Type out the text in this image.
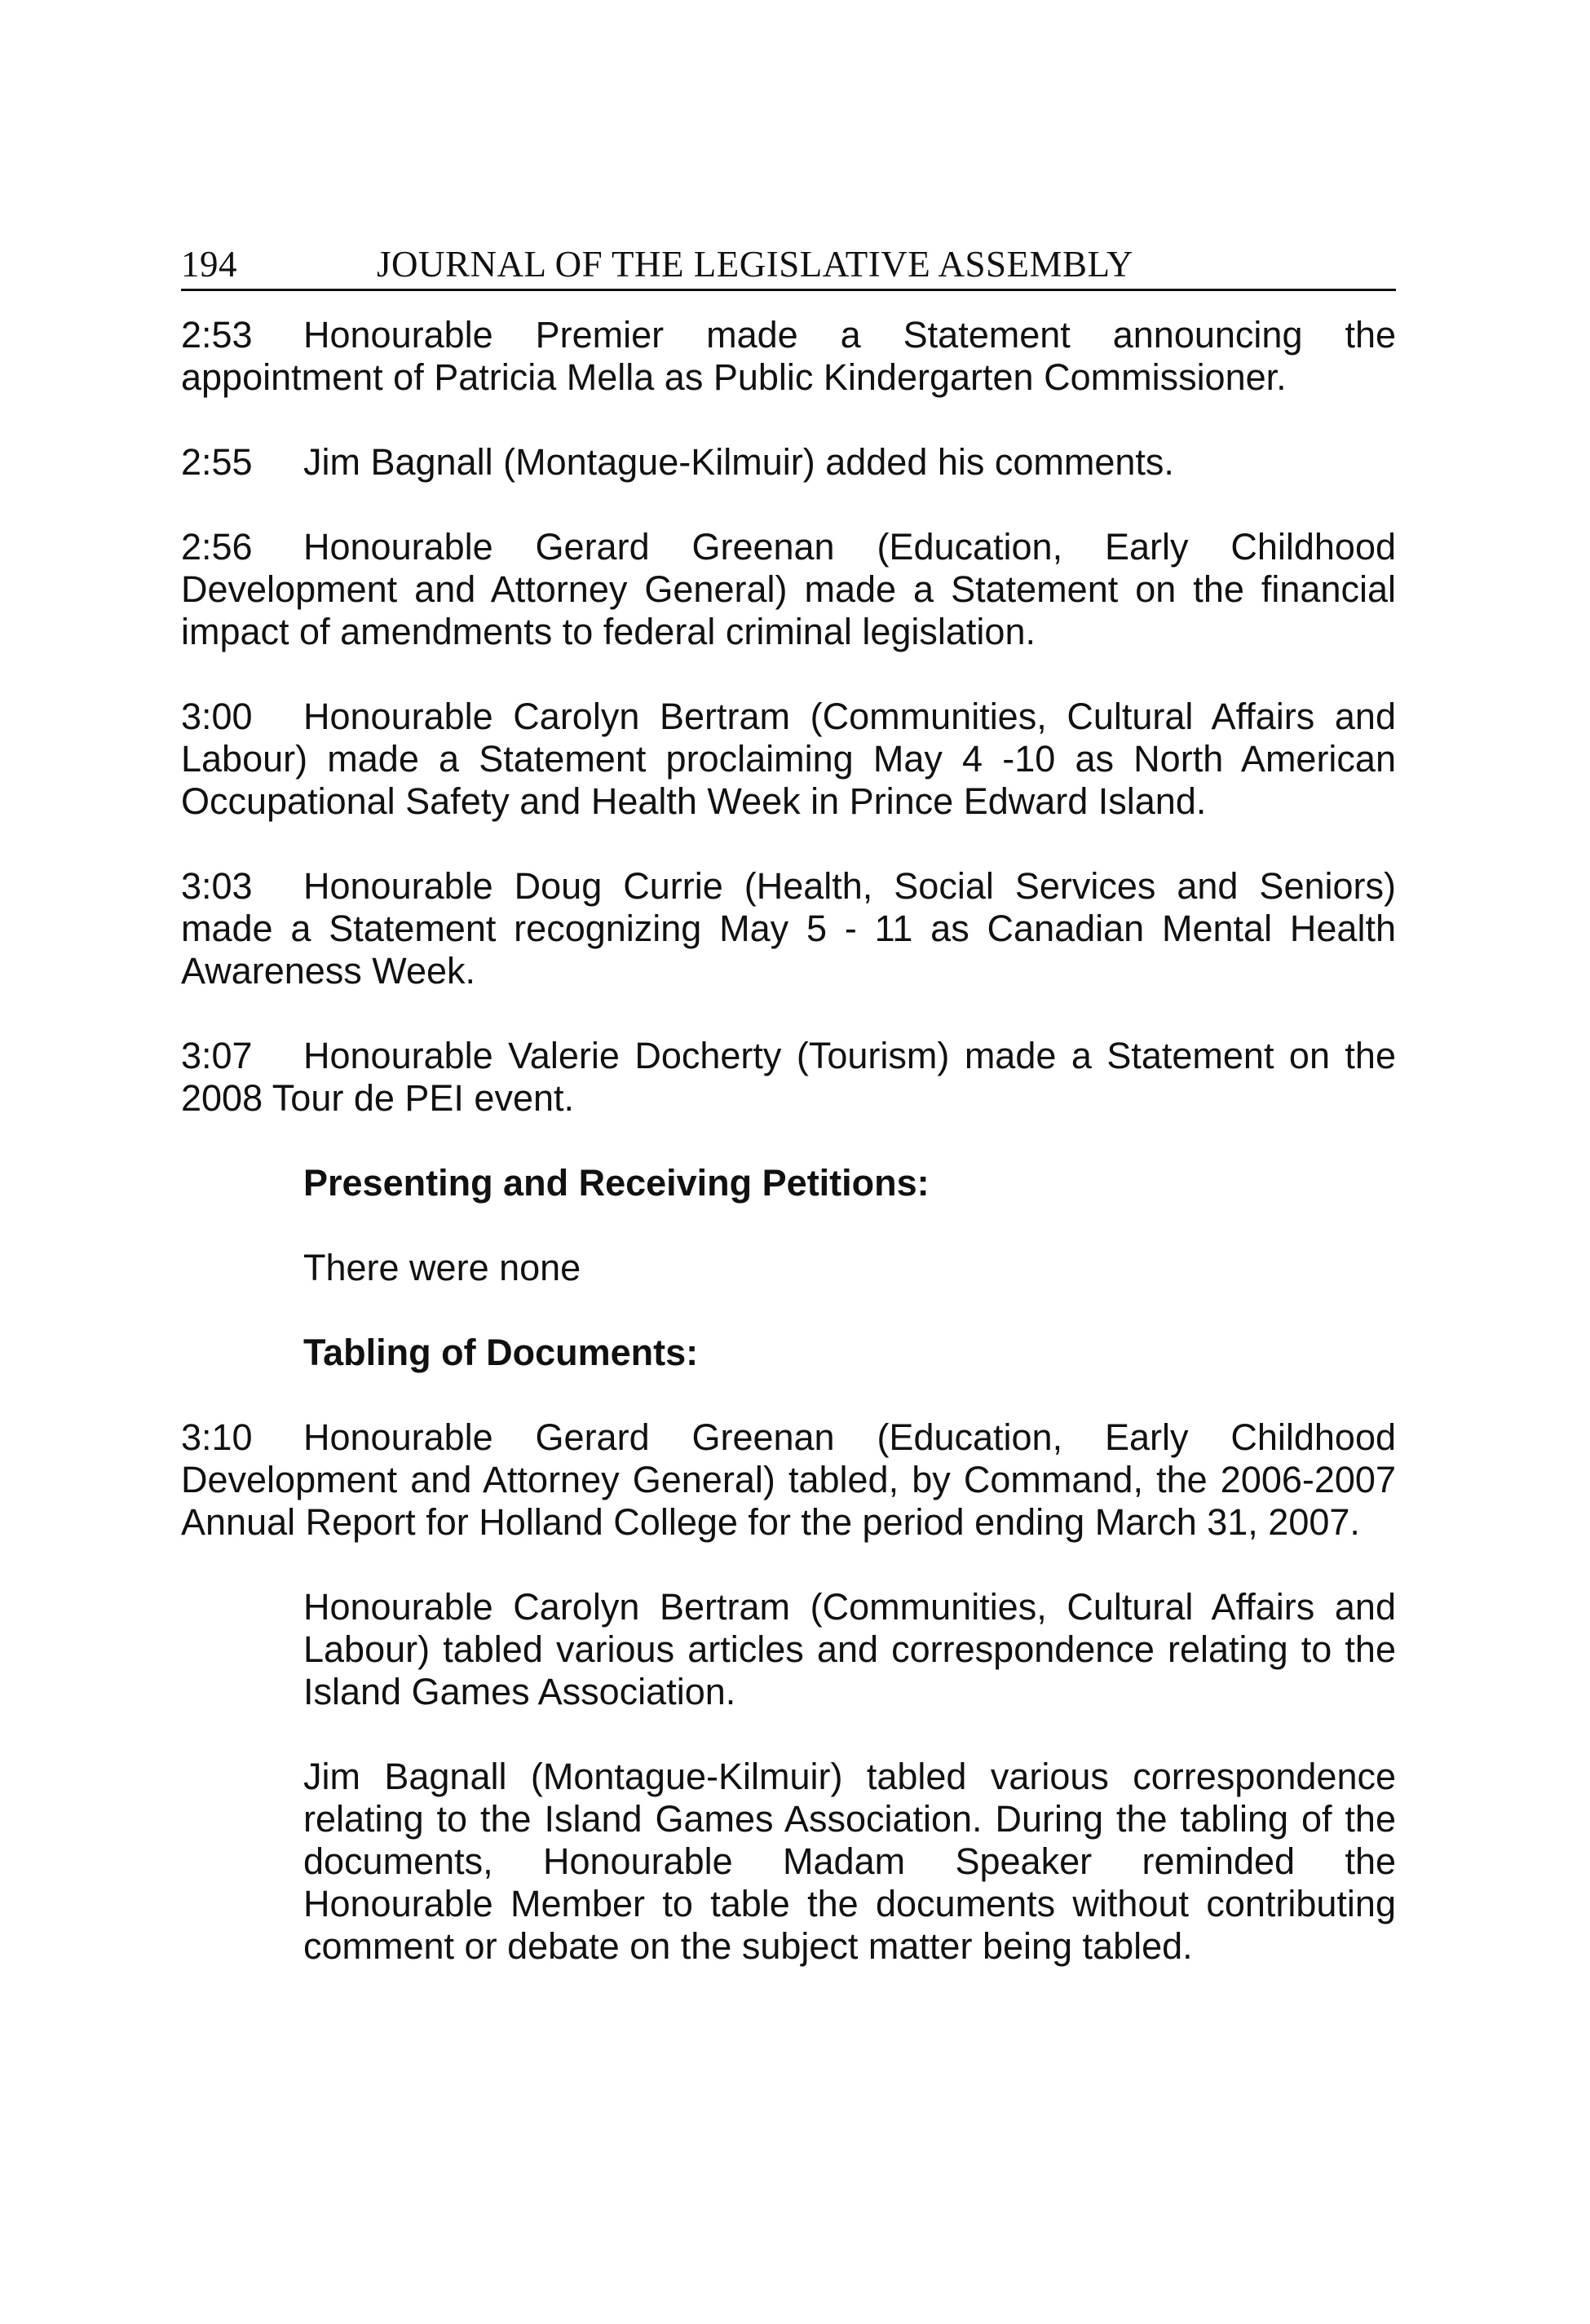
194	JOURNAL OF THE LEGISLATIVE ASSEMBLY

2:53 Honourable Premier made a Statement announcing the appointment of Patricia Mella as Public Kindergarten Commissioner.

2:55 Jim Bagnall (Montague-Kilmuir) added his comments.

2:56 Honourable Gerard Greenan (Education, Early Childhood Development and Attorney General) made a Statement on the financial impact of amendments to federal criminal legislation.

3:00 Honourable Carolyn Bertram (Communities, Cultural Affairs and Labour) made a Statement proclaiming May 4 -10 as North American Occupational Safety and Health Week in Prince Edward Island.

3:03 Honourable Doug Currie (Health, Social Services and Seniors) made a Statement recognizing May 5 - 11 as Canadian Mental Health Awareness Week.

3:07 Honourable Valerie Docherty (Tourism) made a Statement on the 2008 Tour de PEI event.

Presenting and Receiving Petitions:

There were none

Tabling of Documents:

3:10 Honourable Gerard Greenan (Education, Early Childhood Development and Attorney General) tabled, by Command, the 2006-2007 Annual Report for Holland College for the period ending March 31, 2007.

Honourable Carolyn Bertram (Communities, Cultural Affairs and Labour) tabled various articles and correspondence relating to the Island Games Association.

Jim Bagnall (Montague-Kilmuir) tabled various correspondence relating to the Island Games Association. During the tabling of the documents, Honourable Madam Speaker reminded the Honourable Member to table the documents without contributing comment or debate on the subject matter being tabled.
